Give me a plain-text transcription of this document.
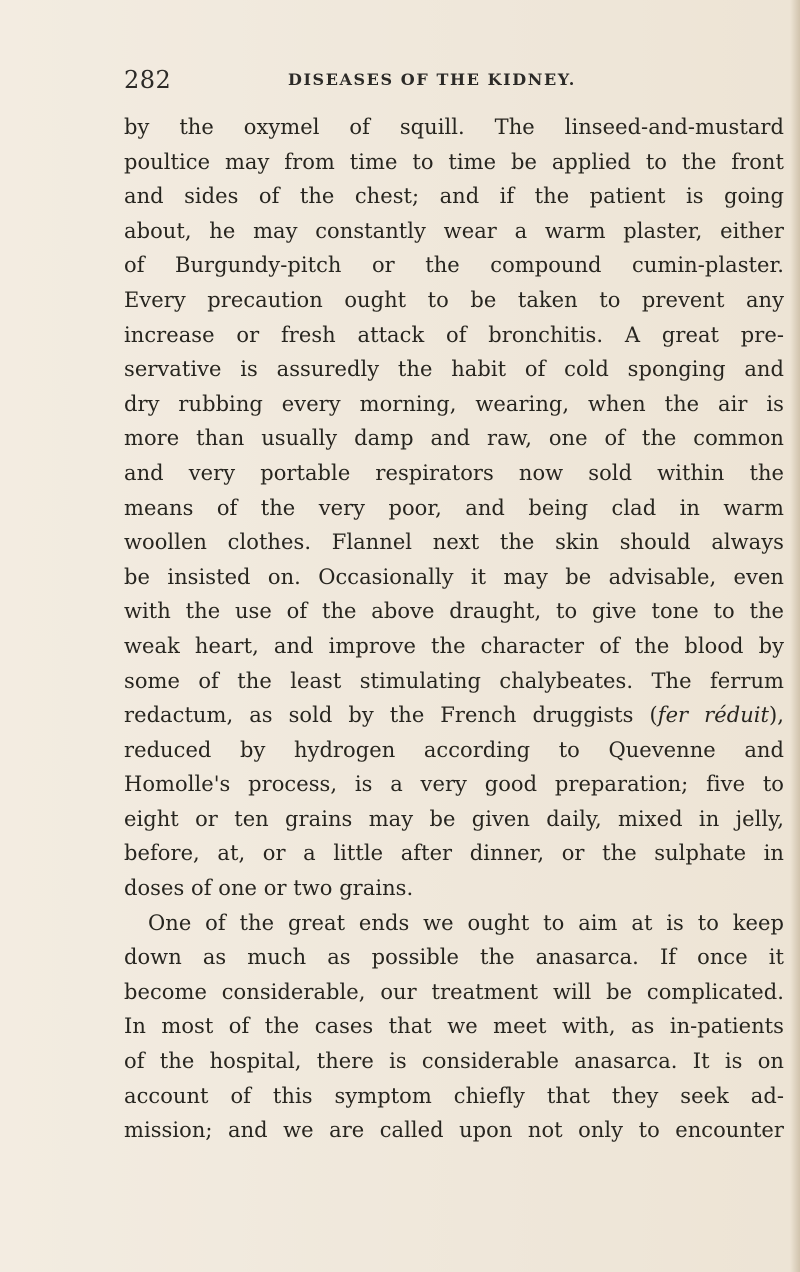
282	DISEASES OF THE KIDNEY.
by the oxymel of squill. The linseed-and-mustard
poultice may from time to time be applied to the front
and sides of the chest; and if the patient is going
about, he may constantly wear a warm plaster, either
of Burgundy-pitch or the compound cumin-plaster.
Every precaution ought to be taken to prevent any
increase or fresh attack of bronchitis. A great pre-
servative is assuredly the habit of cold sponging and
dry rubbing every morning, wearing, when the air is
more than usually damp and raw, one of the common
and very portable respirators now sold within the
means of the very poor, and being clad in warm
woollen clothes. Flannel next the skin should always
be insisted on. Occasionally it may be advisable, even
with the use of the above draught, to give tone to the
weak heart, and improve the character of the blood by
some of the least stimulating chalybeates. The ferrum
redactum, as sold by the French druggists (fer réduit),
reduced by hydrogen according to Quevenne and
Homolle's process, is a very good preparation; five to
eight or ten grains may be given daily, mixed in jelly,
before, at, or a little after dinner, or the sulphate in
doses of one or two grains.
One of the great ends we ought to aim at is to keep
down as much as possible the anasarca. If once it
become considerable, our treatment will be complicated.
In most of the cases that we meet with, as in-patients
of the hospital, there is considerable anasarca. It is on
account of this symptom chiefly that they seek ad-
mission; and we are called upon not only to encounter
